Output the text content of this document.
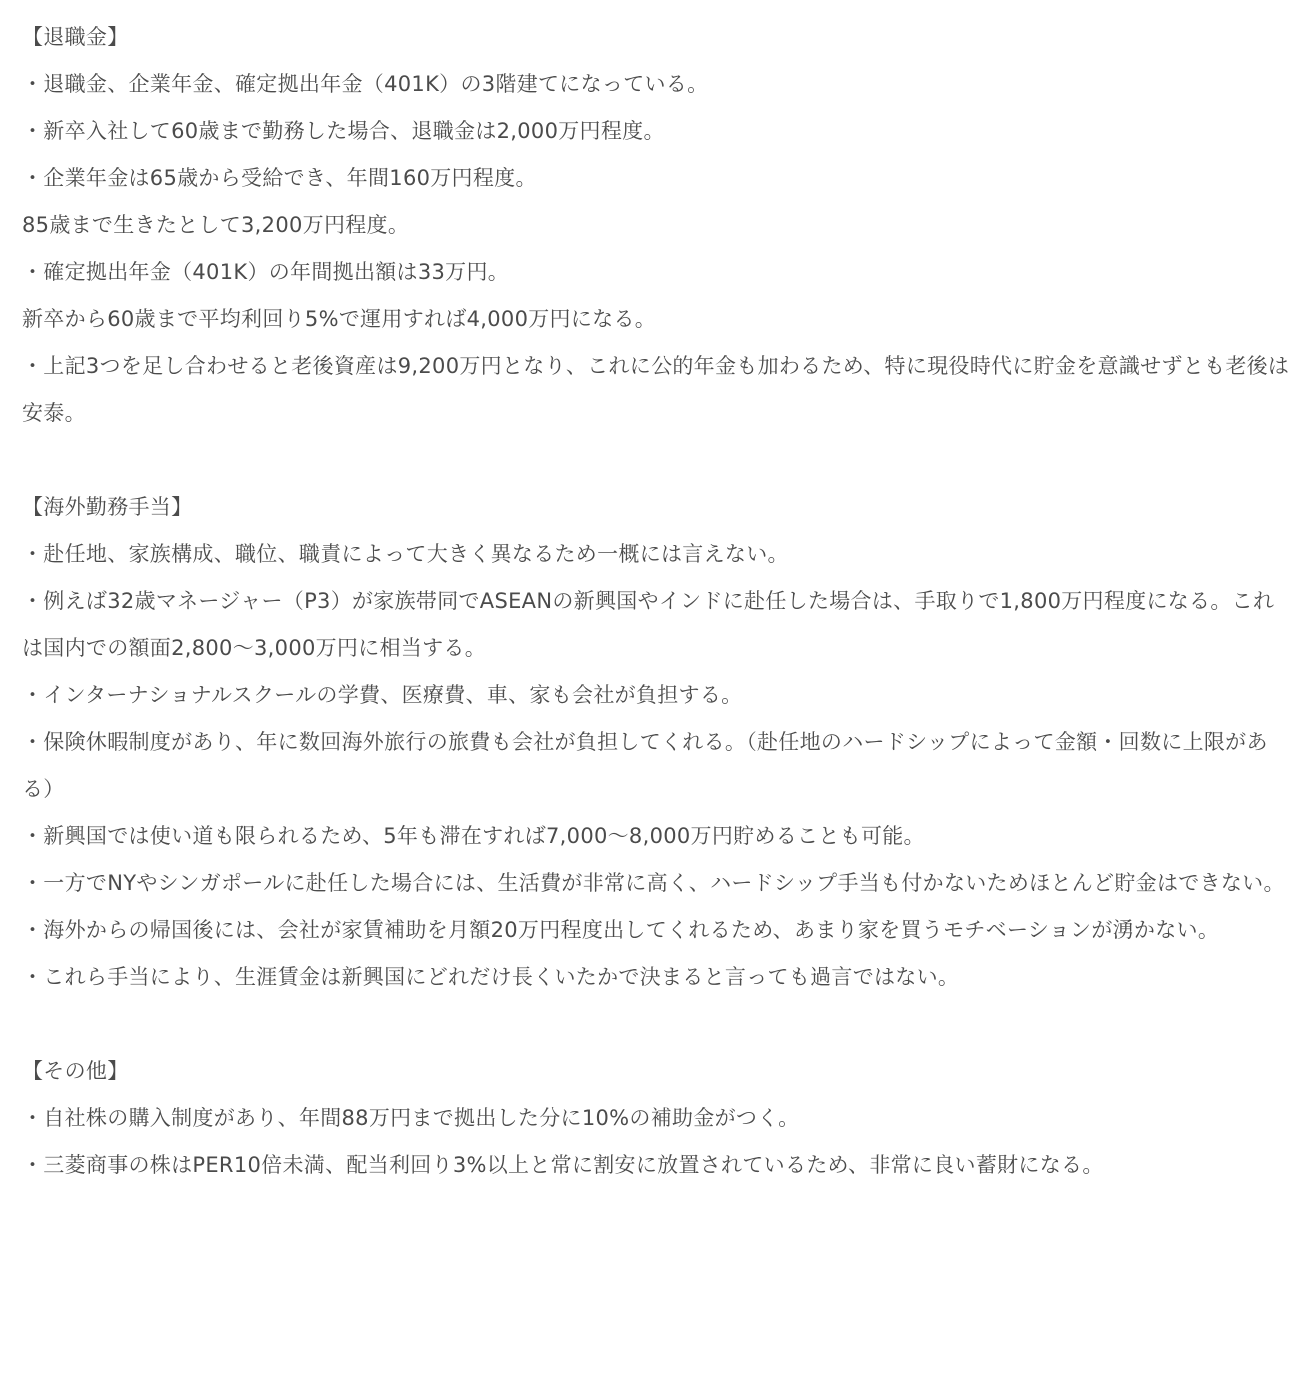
【退職金】

・退職金、企業年金、確定拠出年金（401K）の3階建てになっている。

・新卒入社して60歳まで勤務した場合、退職金は2,000万円程度。

・企業年金は65歳から受給でき、年間160万円程度。

85歳まで生きたとして3,200万円程度。

・確定拠出年金（401K）の年間拠出額は33万円。

新卒から60歳まで平均利回り5%で運用すれば4,000万円になる。

・上記3つを足し合わせると老後資産は9,200万円となり、これに公的年金も加わるため、特に現役時代に貯金を意識せずとも老後は安泰。

【海外勤務手当】

・赴任地、家族構成、職位、職責によって大きく異なるため一概には言えない。

・例えば32歳マネージャー（P3）が家族帯同でASEANの新興国やインドに赴任した場合は、手取りで1,800万円程度になる。これは国内での額面2,800～3,000万円に相当する。

・インターナショナルスクールの学費、医療費、車、家も会社が負担する。

・保険休暇制度があり、年に数回海外旅行の旅費も会社が負担してくれる。（赴任地のハードシップによって金額・回数に上限がある）

・新興国では使い道も限られるため、5年も滞在すれば7,000～8,000万円貯めることも可能。

・一方でNYやシンガポールに赴任した場合には、生活費が非常に高く、ハードシップ手当も付かないためほとんど貯金はできない。

・海外からの帰国後には、会社が家賃補助を月額20万円程度出してくれるため、あまり家を買うモチベーションが湧かない。

・これら手当により、生涯賃金は新興国にどれだけ長くいたかで決まると言っても過言ではない。

【その他】

・自社株の購入制度があり、年間88万円まで拠出した分に10%の補助金がつく。

・三菱商事の株はPER10倍未満、配当利回り3%以上と常に割安に放置されているため、非常に良い蓄財になる。
